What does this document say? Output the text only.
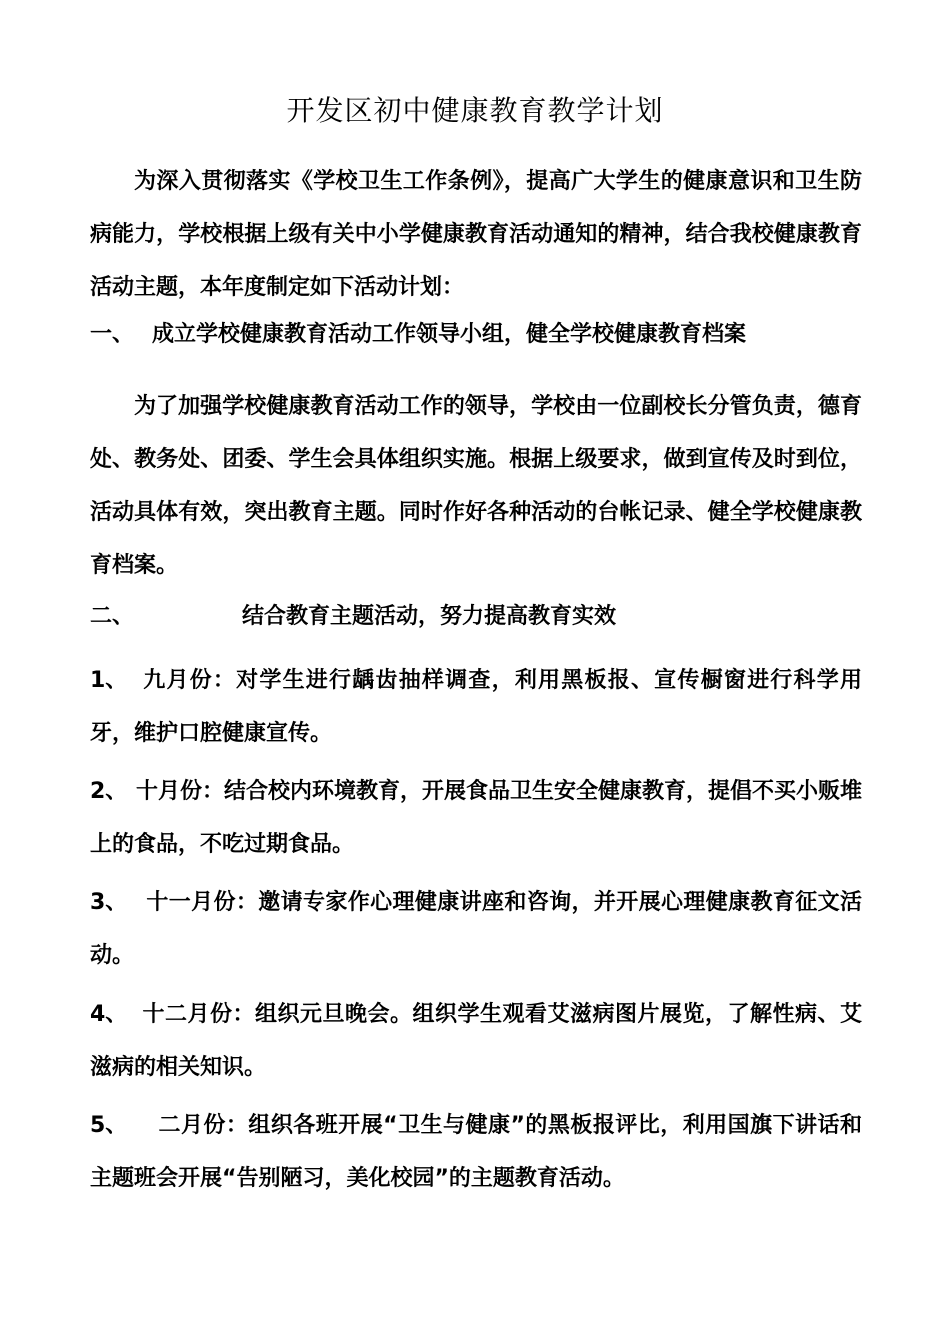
开发区初中健康教育教学计划

为深入贯彻落实《学校卫生工作条例》，提高广大学生的健康意识和卫生防病能力，学校根据上级有关中小学健康教育活动通知的精神，结合我校健康教育活动主题，本年度制定如下活动计划：

一、 成立学校健康教育活动工作领导小组，健全学校健康教育档案

为了加强学校健康教育活动工作的领导，学校由一位副校长分管负责，德育处、教务处、团委、学生会具体组织实施。根据上级要求，做到宣传及时到位，活动具体有效，突出教育主题。同时作好各种活动的台帐记录、健全学校健康教育档案。

二、	结合教育主题活动，努力提高教育实效

1、 九月份：对学生进行龋齿抽样调查，利用黑板报、宣传橱窗进行科学用牙，维护口腔健康宣传。

2、 十月份：结合校内环境教育，开展食品卫生安全健康教育，提倡不买小贩堆上的食品，不吃过期食品。

3、 十一月份：邀请专家作心理健康讲座和咨询，并开展心理健康教育征文活动。

4、 十二月份：组织元旦晚会。组织学生观看艾滋病图片展览，了解性病、艾滋病的相关知识。

5、 二月份：组织各班开展“卫生与健康”的黑板报评比，利用国旗下讲话和主题班会开展“告别陋习，美化校园”的主题教育活动。
